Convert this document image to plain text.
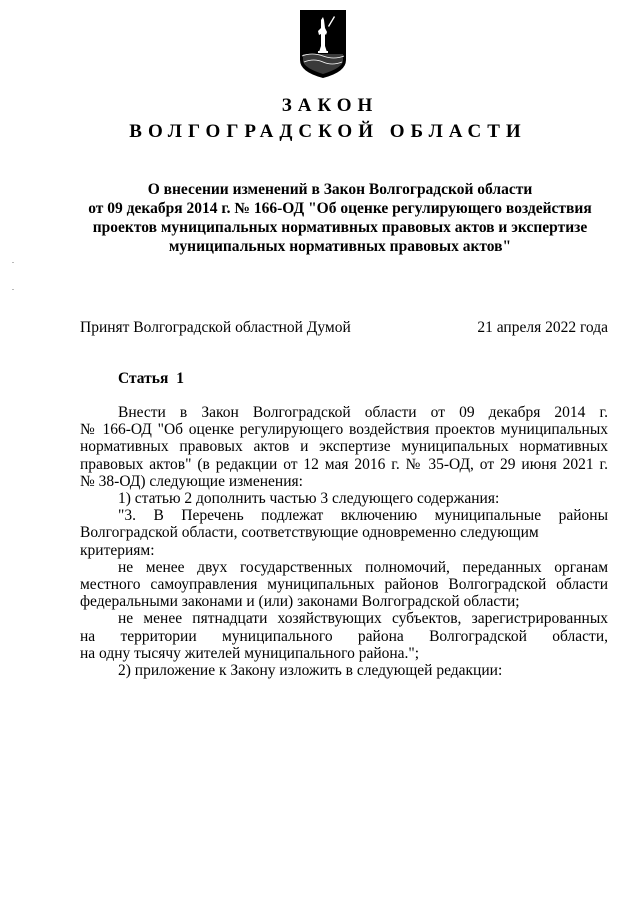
ЗАКОН
ВОЛГОГРАДСКОЙ ОБЛАСТИ
О внесении изменений в Закон Волгоградской области
от 09 декабря 2014 г. № 166-ОД "Об оценке регулирующего воздействия
проектов муниципальных нормативных правовых актов и экспертизе
муниципальных нормативных правовых актов"
Принят Волгоградской областной Думой	21 апреля 2022 года
Статья 1
Внести в Закон Волгоградской области от 09 декабря 2014 г.
№ 166-ОД "Об оценке регулирующего воздействия проектов муниципальных
нормативных правовых актов и экспертизе муниципальных нормативных
правовых актов" (в редакции от 12 мая 2016 г. № 35-ОД, от 29 июня 2021 г.
№ 38-ОД) следующие изменения:
1) статью 2 дополнить частью 3 следующего содержания:
"3. В Перечень подлежат включению муниципальные районы
Волгоградской области, соответствующие одновременно следующим критериям:
не менее двух государственных полномочий, переданных органам
местного самоуправления муниципальных районов Волгоградской области
федеральными законами и (или) законами Волгоградской области;
не менее пятнадцати хозяйствующих субъектов, зарегистрированных
на территории муниципального района Волгоградской области,
на одну тысячу жителей муниципального района.";
2) приложение к Закону изложить в следующей редакции:
